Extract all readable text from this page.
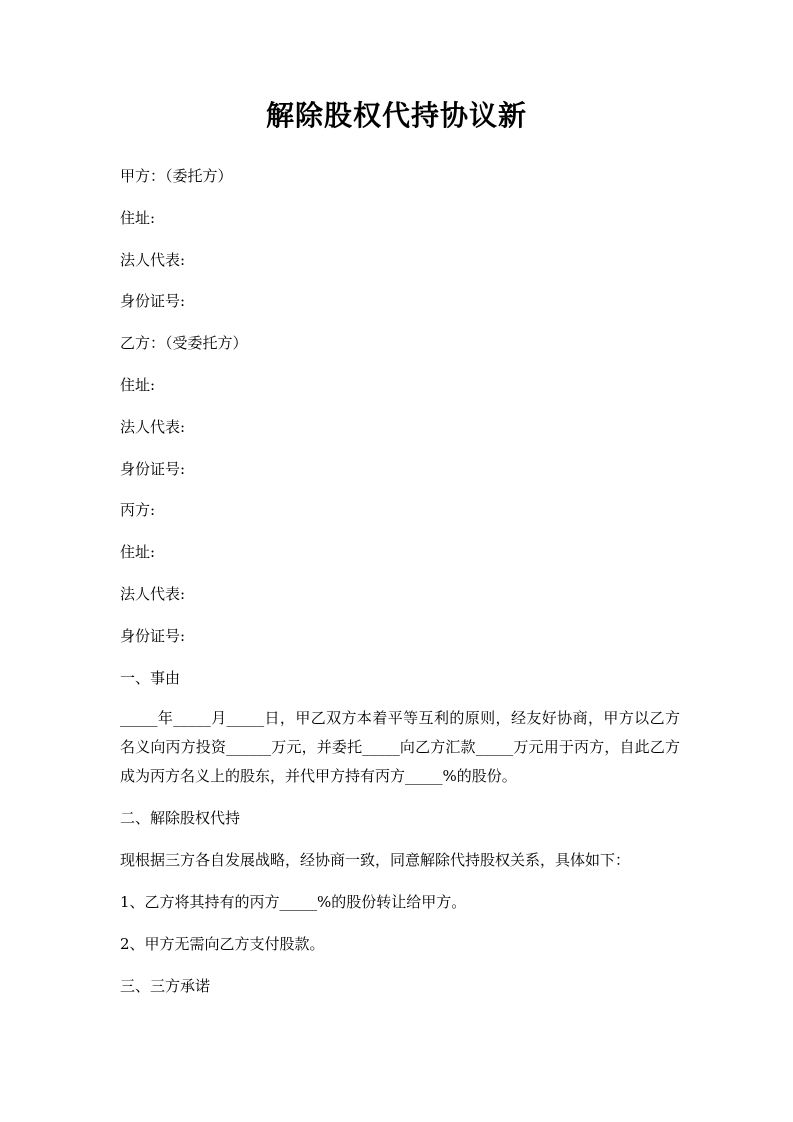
解除股权代持协议新
甲方：（委托方）
住址:
法人代表:
身份证号:
乙方：（受委托方）
住址:
法人代表:
身份证号:
丙方:
住址:
法人代表:
身份证号:
一、事由
_____年_____月_____日，甲乙双方本着平等互利的原则，经友好协商，甲方以乙方名义向丙方投资______万元，并委托_____向乙方汇款_____万元用于丙方，自此乙方成为丙方名义上的股东，并代甲方持有丙方_____%的股份。
二、解除股权代持
现根据三方各自发展战略，经协商一致，同意解除代持股权关系，具体如下：
1、乙方将其持有的丙方_____%的股份转让给甲方。
2、甲方无需向乙方支付股款。
三、三方承诺
